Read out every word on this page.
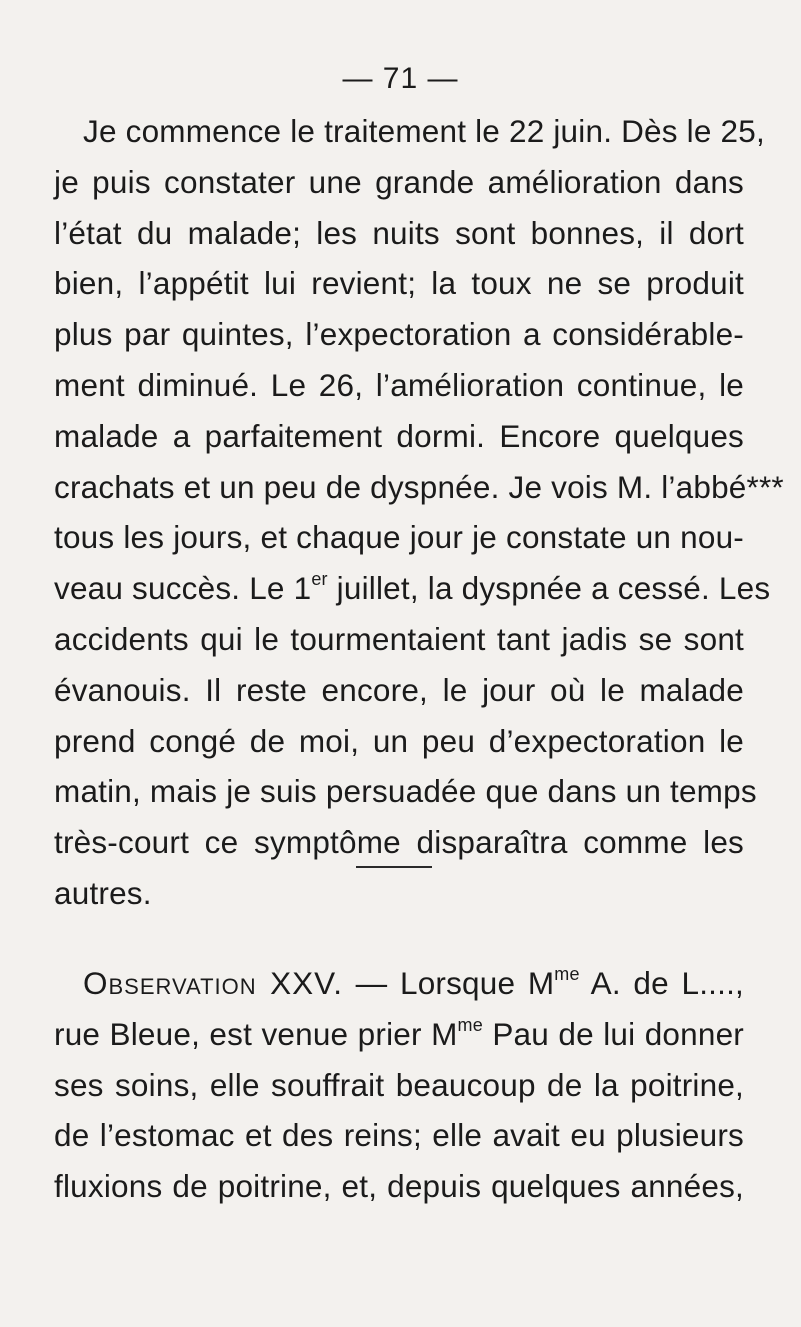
— 71 —
Je commence le traitement le 22 juin. Dès le 25,
je puis constater une grande amélioration dans
l’état du malade; les nuits sont bonnes, il dort
bien, l’appétit lui revient; la toux ne se produit
plus par quintes, l’expectoration a considérable-
ment diminué. Le 26, l’amélioration continue, le
malade a parfaitement dormi. Encore quelques
crachats et un peu de dyspnée. Je vois M. l’abbé***
tous les jours, et chaque jour je constate un nou-
veau succès. Le 1er juillet, la dyspnée a cessé. Les
accidents qui le tourmentaient tant jadis se sont
évanouis. Il reste encore, le jour où le malade
prend congé de moi, un peu d’expectoration le
matin, mais je suis persuadée que dans un temps
très-court ce symptôme disparaîtra comme les
autres.
Observation XXV. — Lorsque $M^{me}$ A. de L....,
rue Bleue, est venue prier $M^{me}$ Pau de lui donner
ses soins, elle souffrait beaucoup de la poitrine,
de l’estomac et des reins; elle avait eu plusieurs
fluxions de poitrine, et, depuis quelques années,
